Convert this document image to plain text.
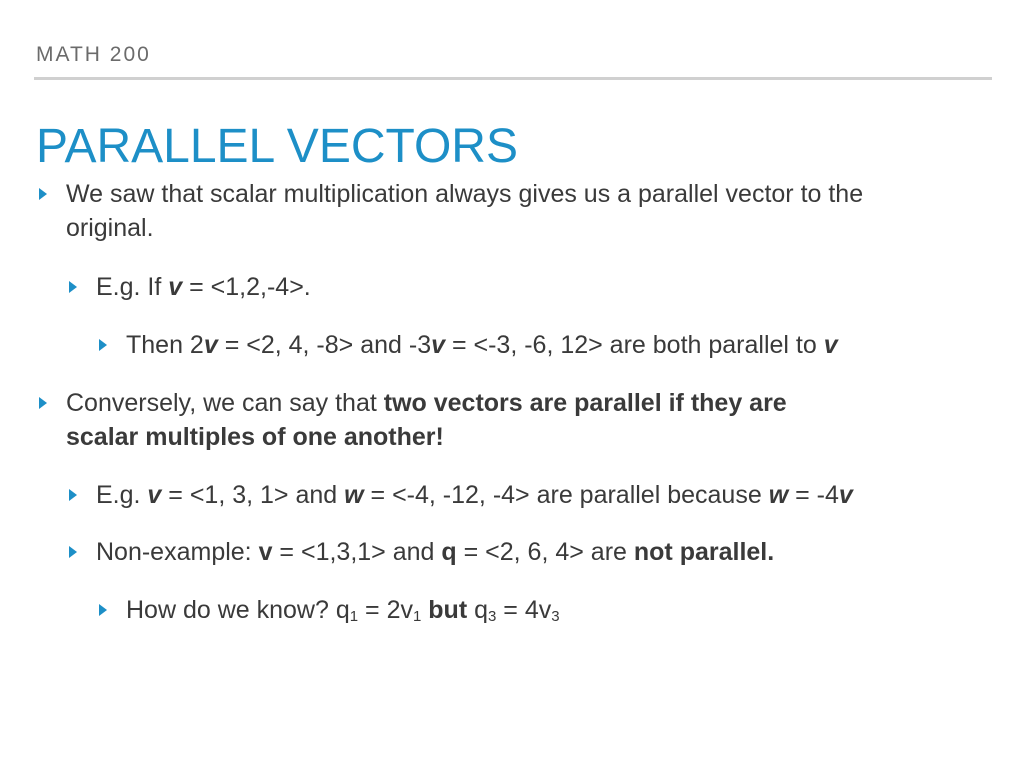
MATH 200
PARALLEL VECTORS
We saw that scalar multiplication always gives us a parallel vector to the
original.
E.g. If v = <1,2,-4>.
Then 2v = <2, 4, -8> and -3v = <-3, -6, 12> are both parallel to v
Conversely, we can say that two vectors are parallel if they are
scalar multiples of one another!
E.g. v = <1, 3, 1> and w = <-4, -12, -4> are parallel because w = -4v
Non-example: v = <1,3,1> and q = <2, 6, 4> are not parallel.
How do we know? $q_1 = 2v_1$ but $q_3 = 4v_3$
